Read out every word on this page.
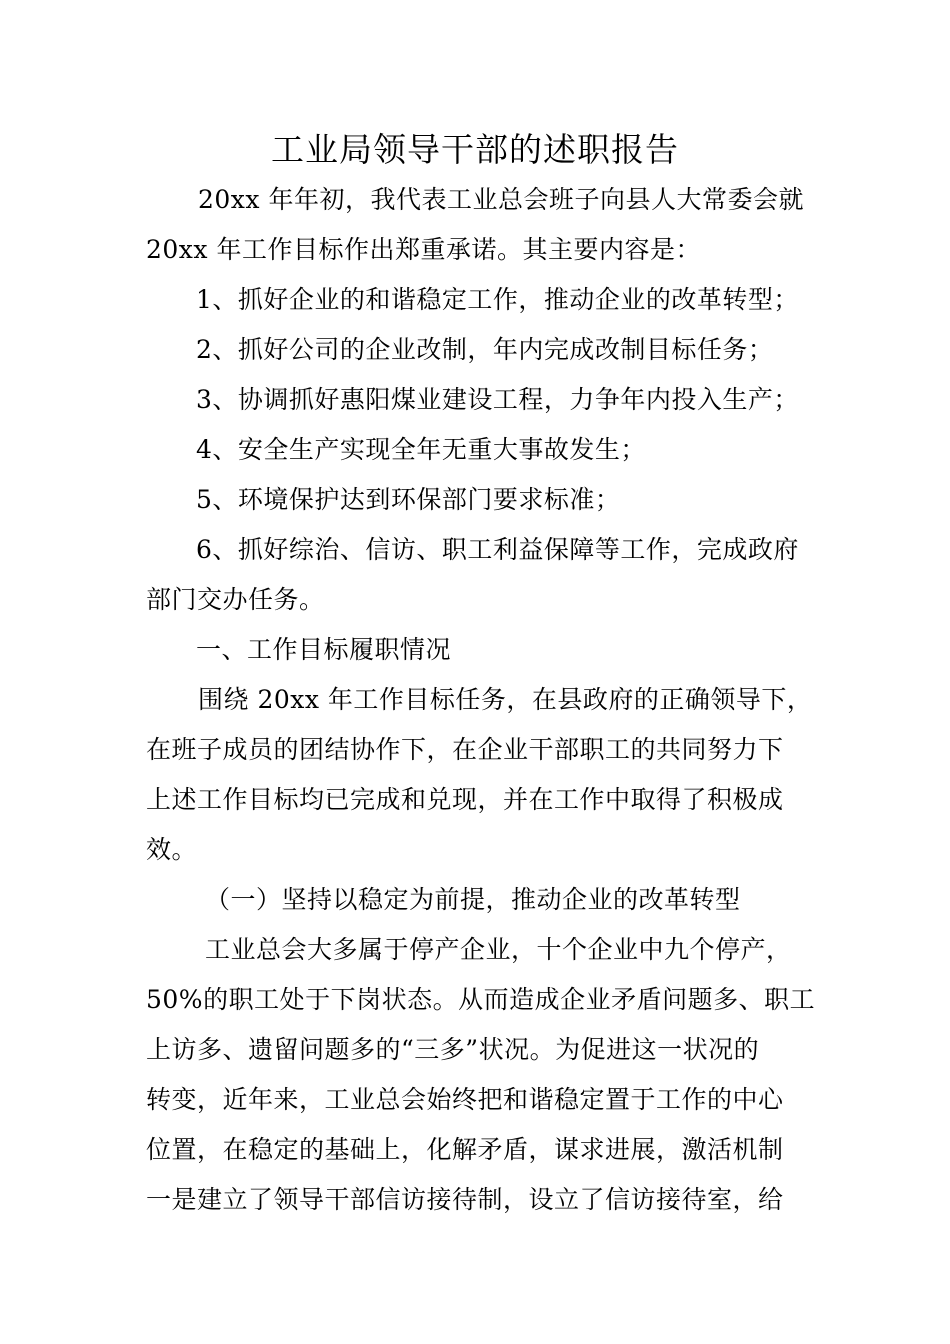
工业局领导干部的述职报告

20xx 年年初，我代表工业总会班子向县人大常委会就

20xx 年工作目标作出郑重承诺。其主要内容是：

1、抓好企业的和谐稳定工作，推动企业的改革转型；

2、抓好公司的企业改制，年内完成改制目标任务；

3、协调抓好惠阳煤业建设工程，力争年内投入生产；

4、安全生产实现全年无重大事故发生；

5、环境保护达到环保部门要求标准；

6、抓好综治、信访、职工利益保障等工作，完成政府

部门交办任务。

一、工作目标履职情况

围绕 20xx 年工作目标任务，在县政府的正确领导下，

在班子成员的团结协作下，在企业干部职工的共同努力下

上述工作目标均已完成和兑现，并在工作中取得了积极成

效。

（一）坚持以稳定为前提，推动企业的改革转型

工业总会大多属于停产企业，十个企业中九个停产，

50%的职工处于下岗状态。从而造成企业矛盾问题多、职工

上访多、遗留问题多的“三多”状况。为促进这一状况的

转变，近年来，工业总会始终把和谐稳定置于工作的中心

位置，在稳定的基础上，化解矛盾，谋求进展，激活机制

一是建立了领导干部信访接待制，设立了信访接待室，给
